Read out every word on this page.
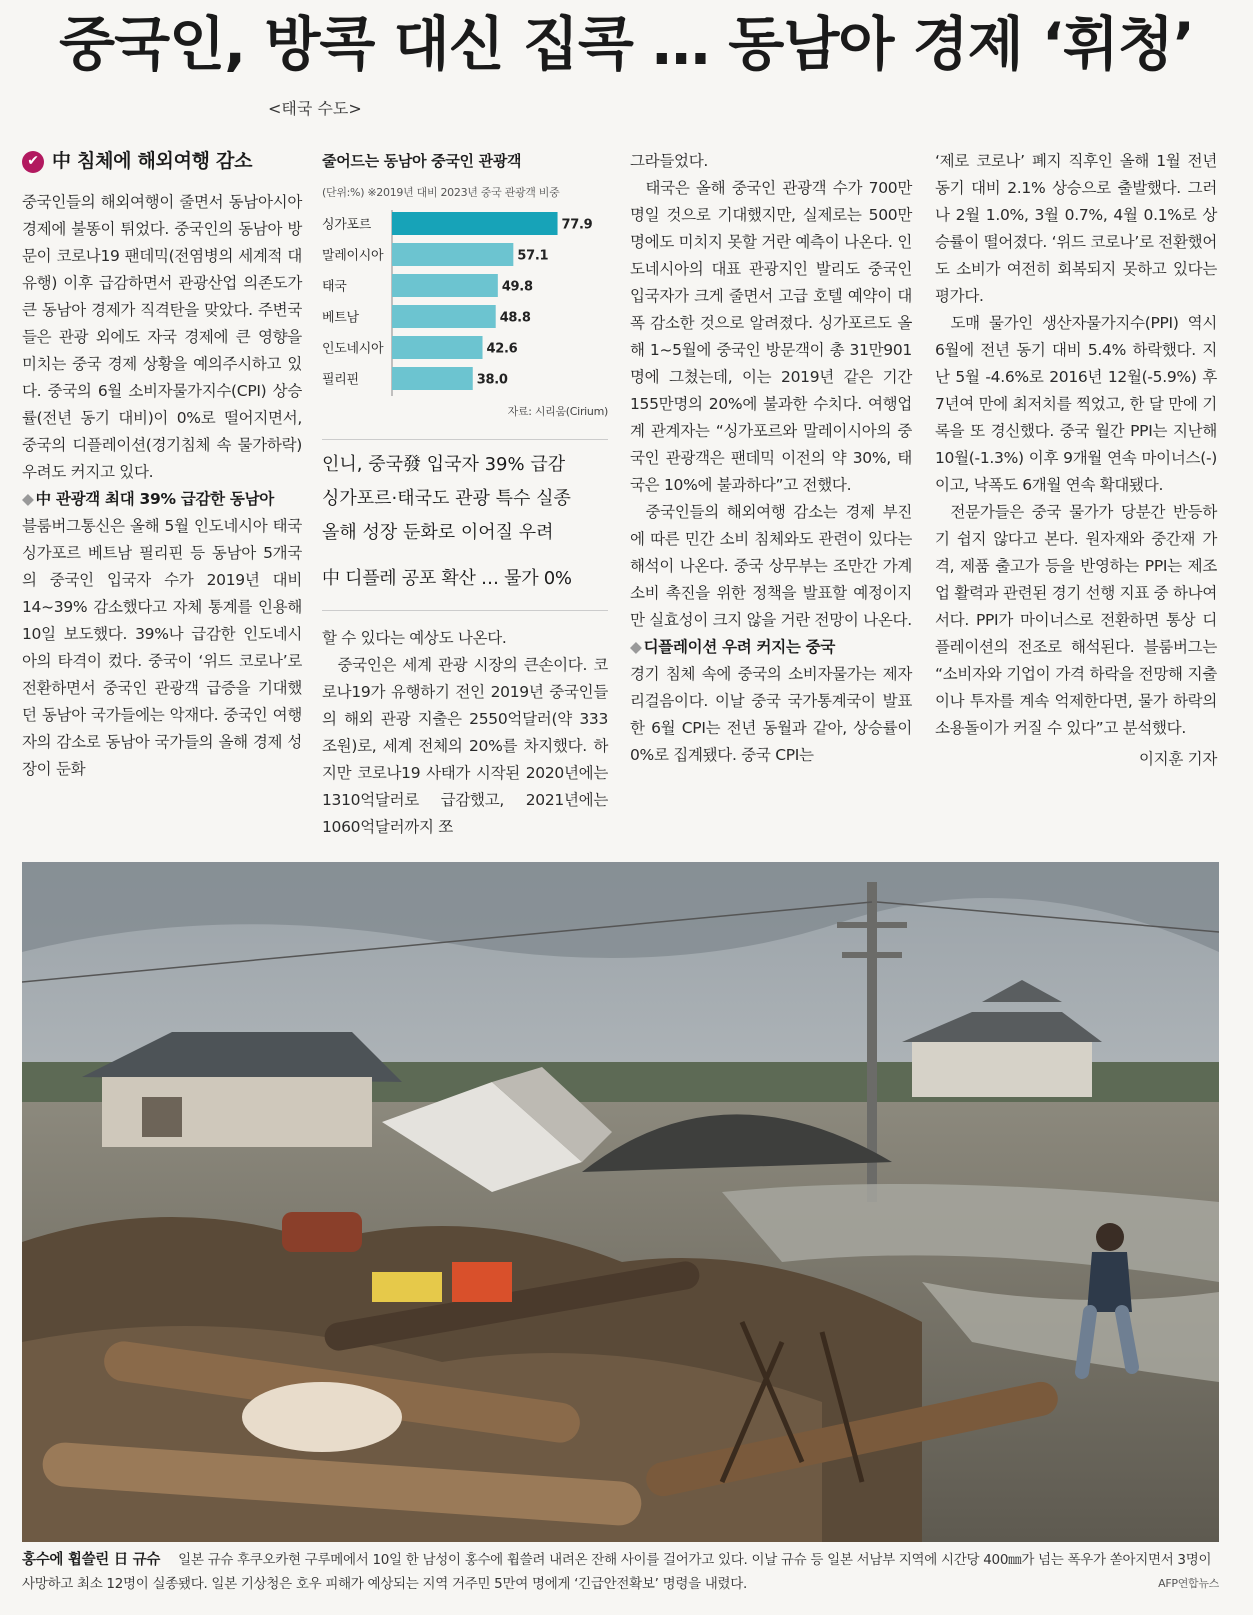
중국인, 방콕 대신 집콕 … 동남아 경제 ‘휘청’
<태국 수도>
✔ 中 침체에 해외여행 감소

중국인들의 해외여행이 줄면서 동남아시아 경제에 불똥이 튀었다. 중국인의 동남아 방문이 코로나19 팬데믹(전염병의 세계적 대유행) 이후 급감하면서 관광산업 의존도가 큰 동남아 경제가 직격탄을 맞았다. 주변국들은 관광 외에도 자국 경제에 큰 영향을 미치는 중국 경제 상황을 예의주시하고 있다. 중국의 6월 소비자물가지수(CPI) 상승률(전년 동기 대비)이 0%로 떨어지면서, 중국의 디플레이션(경기침체 속 물가하락) 우려도 커지고 있다.

◆ 中 관광객 최대 39% 급감한 동남아

블룸버그통신은 올해 5월 인도네시아 태국 싱가포르 베트남 필리핀 등 동남아 5개국의 중국인 입국자 수가 2019년 대비 14~39% 감소했다고 자체 통계를 인용해 10일 보도했다. 39%나 급감한 인도네시아의 타격이 컸다. 중국이 ‘위드 코로나’로 전환하면서 중국인 관광객 급증을 기대했던 동남아 국가들에는 악재다. 중국인 여행자의 감소로 동남아 국가들의 올해 경제 성장이 둔화

줄어드는 동남아 중국인 관광객
(단위:%) ※2019년 대비 2023년 중국 관광객 비중
싱가포르	77.9
말레이시아	57.1
태국	49.8
베트남	48.8
인도네시아	42.6
필리핀	38.0
자료: 시리움(Cirium)
인니, 중국發 입국자 39% 급감
싱가포르·태국도 관광 특수 실종
올해 성장 둔화로 이어질 우려
中 디플레 공포 확산 … 물가 0%

할 수 있다는 예상도 나온다.

중국인은 세계 관광 시장의 큰손이다. 코로나19가 유행하기 전인 2019년 중국인들의 해외 관광 지출은 2550억달러(약 333조원)로, 세계 전체의 20%를 차지했다. 하지만 코로나19 사태가 시작된 2020년에는 1310억달러로 급감했고, 2021년에는 1060억달러까지 쪼

그라들었다.

태국은 올해 중국인 관광객 수가 700만 명일 것으로 기대했지만, 실제로는 500만 명에도 미치지 못할 거란 예측이 나온다. 인도네시아의 대표 관광지인 발리도 중국인 입국자가 크게 줄면서 고급 호텔 예약이 대폭 감소한 것으로 알려졌다. 싱가포르도 올해 1~5월에 중국인 방문객이 총 31만901명에 그쳤는데, 이는 2019년 같은 기간 155만명의 20%에 불과한 수치다. 여행업계 관계자는 “싱가포르와 말레이시아의 중국인 관광객은 팬데믹 이전의 약 30%, 태국은 10%에 불과하다”고 전했다.

중국인들의 해외여행 감소는 경제 부진에 따른 민간 소비 침체와도 관련이 있다는 해석이 나온다. 중국 상무부는 조만간 가계 소비 촉진을 위한 정책을 발표할 예정이지만 실효성이 크지 않을 거란 전망이 나온다.

◆ 디플레이션 우려 커지는 중국

경기 침체 속에 중국의 소비자물가는 제자리걸음이다. 이날 중국 국가통계국이 발표한 6월 CPI는 전년 동월과 같아, 상승률이 0%로 집계됐다. 중국 CPI는

‘제로 코로나’ 폐지 직후인 올해 1월 전년 동기 대비 2.1% 상승으로 출발했다. 그러나 2월 1.0%, 3월 0.7%, 4월 0.1%로 상승률이 떨어졌다. ‘위드 코로나’로 전환했어도 소비가 여전히 회복되지 못하고 있다는 평가다.

도매 물가인 생산자물가지수(PPI) 역시 6월에 전년 동기 대비 5.4% 하락했다. 지난 5월 -4.6%로 2016년 12월(-5.9%) 후 7년여 만에 최저치를 찍었고, 한 달 만에 기록을 또 경신했다. 중국 월간 PPI는 지난해 10월(-1.3%) 이후 9개월 연속 마이너스(-)이고, 낙폭도 6개월 연속 확대됐다.

전문가들은 중국 물가가 당분간 반등하기 쉽지 않다고 본다. 원자재와 중간재 가격, 제품 출고가 등을 반영하는 PPI는 제조업 활력과 관련된 경기 선행 지표 중 하나여서다. PPI가 마이너스로 전환하면 통상 디플레이션의 전조로 해석된다. 블룸버그는 “소비자와 기업이 가격 하락을 전망해 지출이나 투자를 계속 억제한다면, 물가 하락의 소용돌이가 커질 수 있다”고 분석했다.

이지훈 기자
홍수에 휩쓸린 日 규슈 일본 규슈 후쿠오카현 구루메에서 10일 한 남성이 홍수에 휩쓸려 내려온 잔해 사이를 걸어가고 있다. 이날 규슈 등 일본 서남부 지역에 시간당 400㎜가 넘는 폭우가 쏟아지면서 3명이 사망하고 최소 12명이 실종됐다. 일본 기상청은 호우 피해가 예상되는 지역 거주민 5만여 명에게 ‘긴급안전확보’ 명령을 내렸다.	AFP연합뉴스
